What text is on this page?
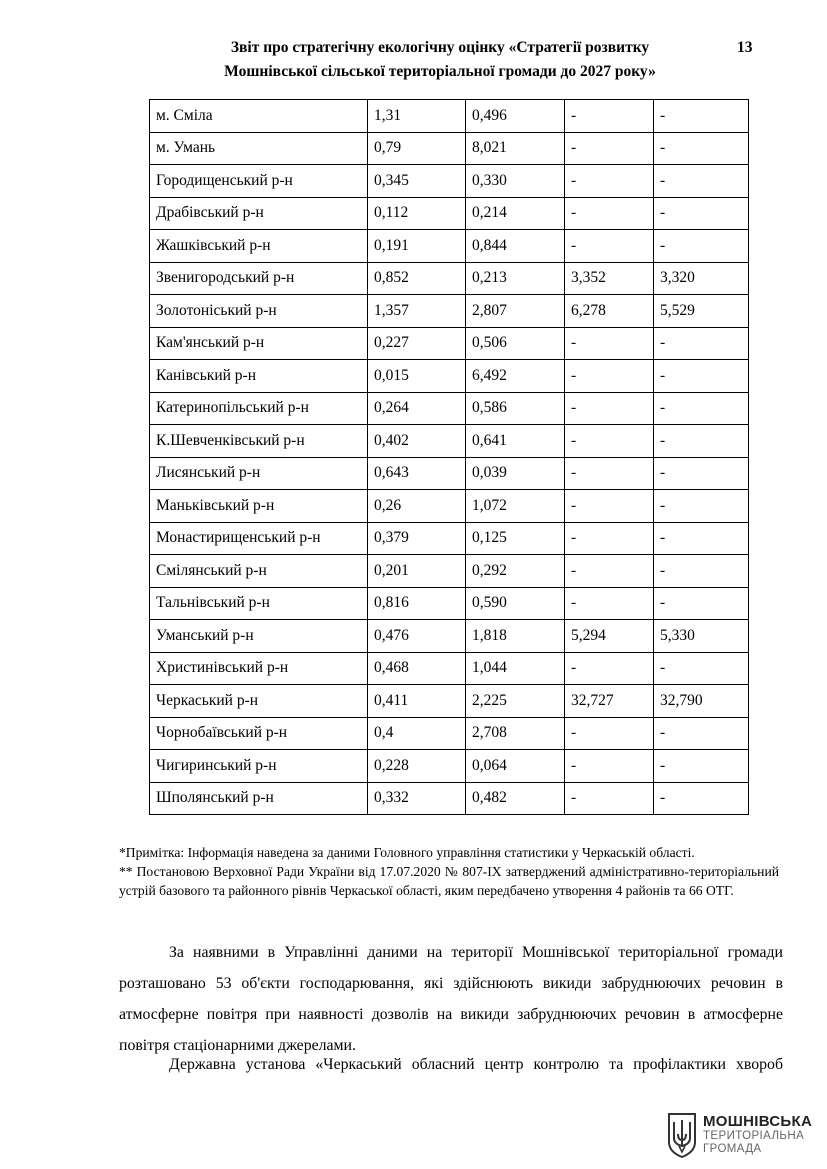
Звіт про стратегічну екологічну оцінку «Стратегії розвитку
Мошнівської сільської територіальної громади до 2027 року»
13
м. Сміла	1,31	0,496	-	-
м. Умань	0,79	8,021	-	-
Городищенський р-н	0,345	0,330	-	-
Драбівський р-н	0,112	0,214	-	-
Жашківський р-н	0,191	0,844	-	-
Звенигородський р-н	0,852	0,213	3,352	3,320
Золотоніський р-н	1,357	2,807	6,278	5,529
Кам'янський р-н	0,227	0,506	-	-
Канівський р-н	0,015	6,492	-	-
Катеринопільський р-н	0,264	0,586	-	-
К.Шевченківський р-н	0,402	0,641	-	-
Лисянський р-н	0,643	0,039	-	-
Маньківський р-н	0,26	1,072	-	-
Монастирищенський р-н	0,379	0,125	-	-
Смілянський р-н	0,201	0,292	-	-
Тальнівський р-н	0,816	0,590	-	-
Уманський р-н	0,476	1,818	5,294	5,330
Христинівський р-н	0,468	1,044	-	-
Черкаський р-н	0,411	2,225	32,727	32,790
Чорнобаївський р-н	0,4	2,708	-	-
Чигиринський р-н	0,228	0,064	-	-
Шполянський р-н	0,332	0,482	-	-

*Примітка: Інформація наведена за даними Головного управління статистики у Черкаській області.

** Постановою Верховної Ради України від 17.07.2020 № 807-IX затверджений адміністративно-територіальний устрій базового та районного рівнів Черкаської області, яким передбачено утворення 4 районів та 66 ОТГ.

За наявними в Управлінні даними на території Мошнівської територіальної громади розташовано 53 об'єкти господарювання, які здійснюють викиди забруднюючих речовин в атмосферне повітря при наявності дозволів на викиди забруднюючих речовин в атмосферне повітря стаціонарними джерелами.

Державна установа «Черкаський обласний центр контролю та профілактики хвороб

МОШНІВСЬКА
ТЕРИТОРІАЛЬНА
ГРОМАДА
